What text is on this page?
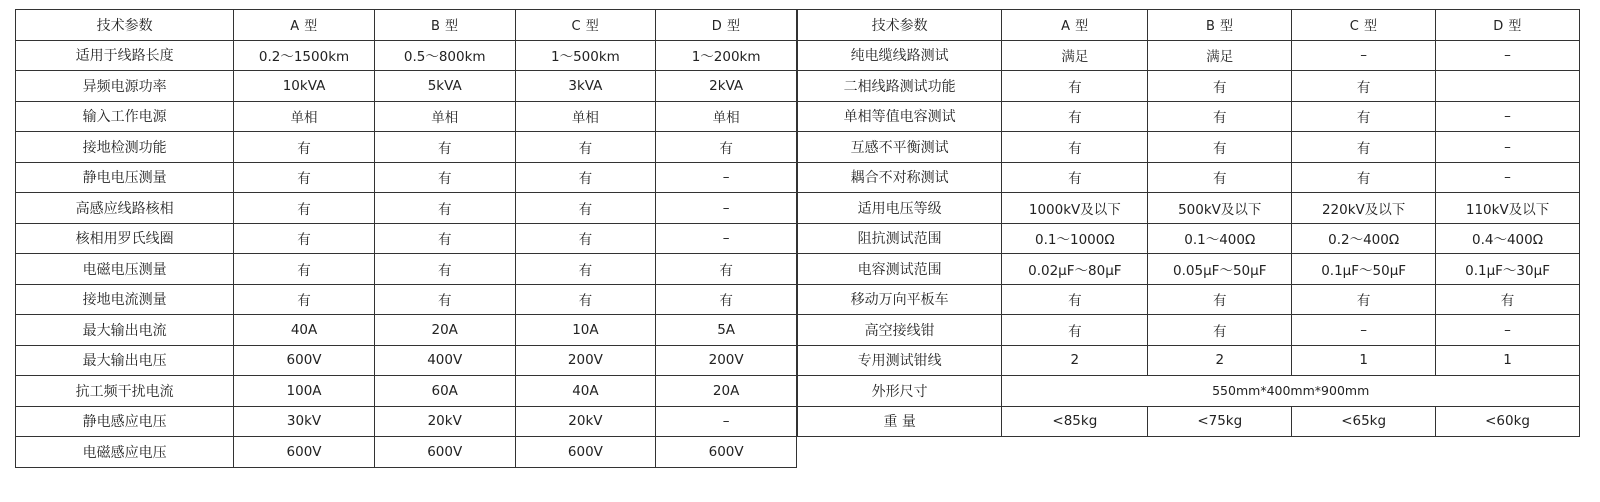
技术参数	A 型	B 型	C 型	D 型
适用于线路长度	0.2～1500km	0.5～800km	1～500km	1～200km
异频电源功率	10kVA	5kVA	3kVA	2kVA
输入工作电源	单相	单相	单相	单相
接地检测功能	有	有	有	有
静电电压测量	有	有	有	–
高感应线路核相	有	有	有	–
核相用罗氏线圈	有	有	有	–
电磁电压测量	有	有	有	有
接地电流测量	有	有	有	有
最大输出电流	40A	20A	10A	5A
最大输出电压	600V	400V	200V	200V
抗工频干扰电流	100A	60A	40A	20A
静电感应电压	30kV	20kV	20kV	–
电磁感应电压	600V	600V	600V	600V
技术参数	A 型	B 型	C 型	D 型
纯电缆线路测试	满足	满足	–	–
二相线路测试功能	有	有	有	
单相等值电容测试	有	有	有	–
互感不平衡测试	有	有	有	–
耦合不对称测试	有	有	有	–
适用电压等级	1000kV及以下	500kV及以下	220kV及以下	110kV及以下
阻抗测试范围	0.1～1000Ω	0.1～400Ω	0.2～400Ω	0.4～400Ω
电容测试范围	0.02μF～80μF	0.05μF～50μF	0.1μF～50μF	0.1μF～30μF
移动万向平板车	有	有	有	有
高空接线钳	有	有	–	–
专用测试钳线	2	2	1	1
外形尺寸	550mm*400mm*900mm			
重 量	<85kg	<75kg	<65kg	<60kg
